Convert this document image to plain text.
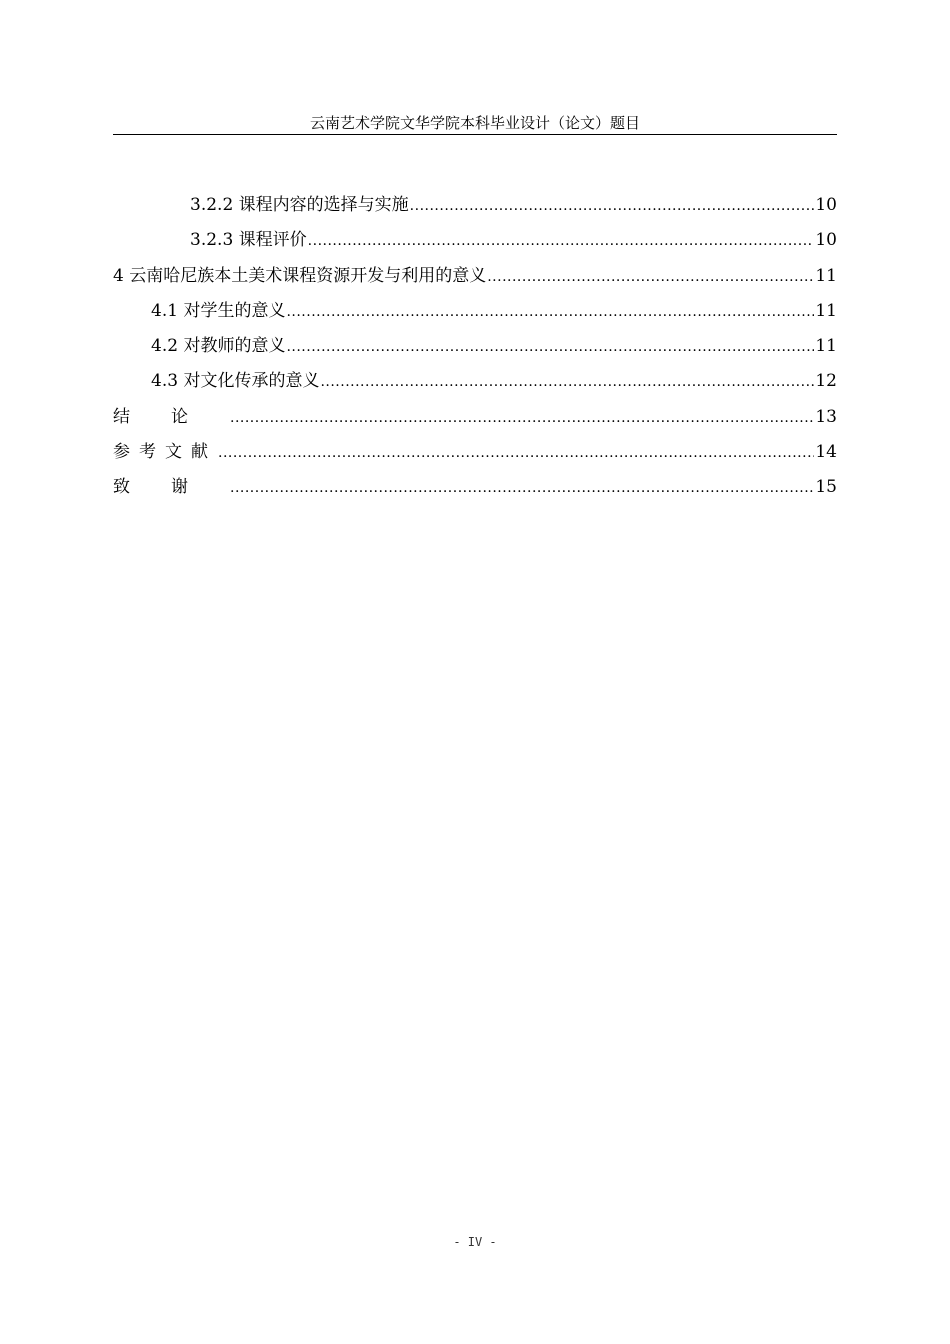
云南艺术学院文华学院本科毕业设计（论文）题目
3.2.2 课程内容的选择与实施 .....	10
3.2.3 课程评价 .....	10
4 云南哈尼族本土美术课程资源开发与利用的意义 .....	11
4.1 对学生的意义 .....	11
4.2 对教师的意义 .....	11
4.3 对文化传承的意义 .....	12
结论 .....	13
参考文献 .....	14
致谢 .....	15
- IV -
